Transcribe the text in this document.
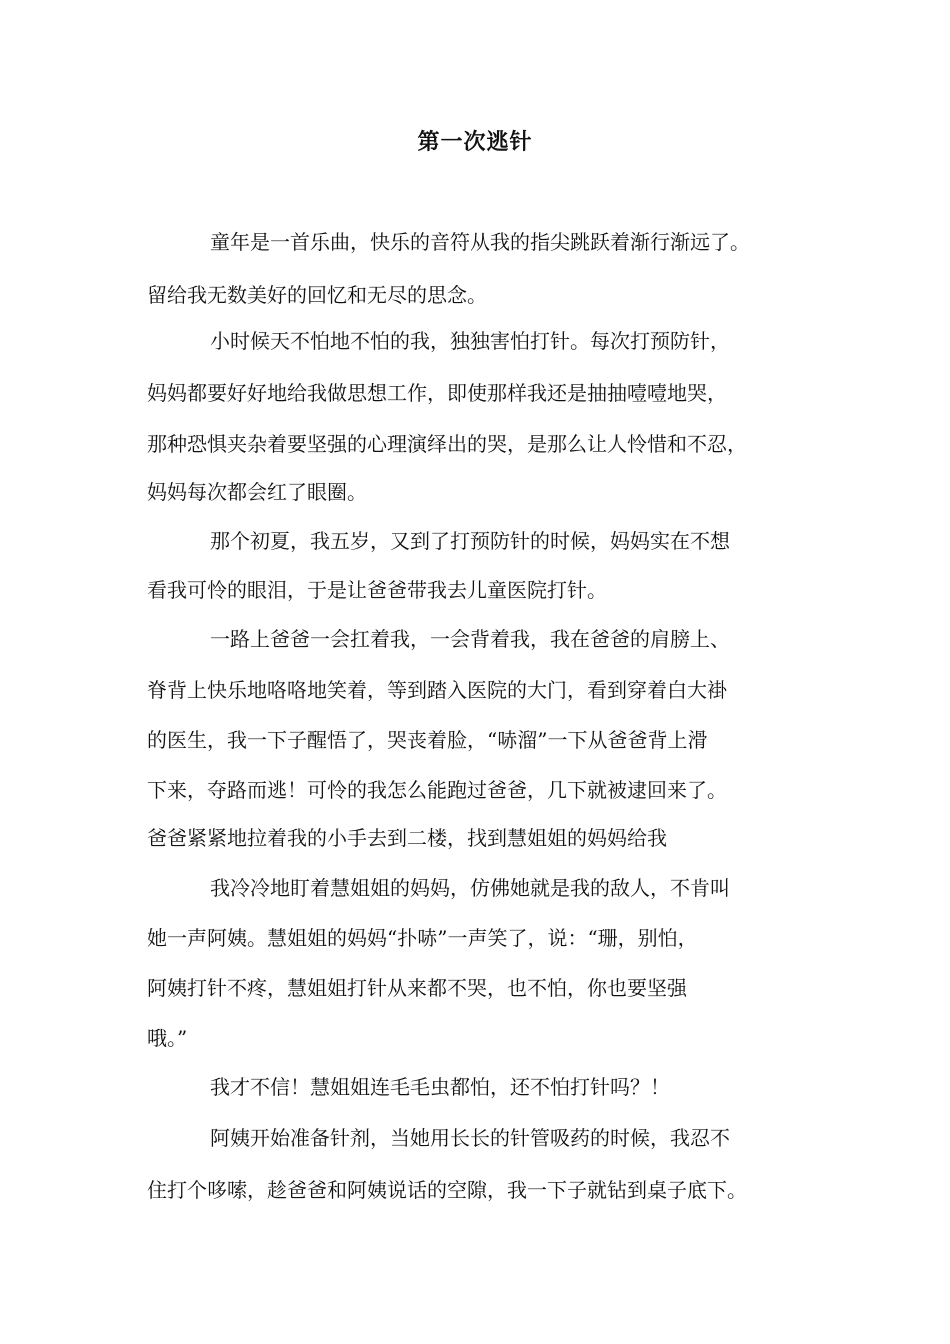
第一次逃针

童年是一首乐曲，快乐的音符从我的指尖跳跃着渐行渐远了。

留给我无数美好的回忆和无尽的思念。

小时候天不怕地不怕的我，独独害怕打针。每次打预防针，

妈妈都要好好地给我做思想工作，即使那样我还是抽抽噎噎地哭，

那种恐惧夹杂着要坚强的心理演绎出的哭，是那么让人怜惜和不忍，

妈妈每次都会红了眼圈。

那个初夏，我五岁，又到了打预防针的时候，妈妈实在不想

看我可怜的眼泪，于是让爸爸带我去儿童医院打针。

一路上爸爸一会扛着我，一会背着我，我在爸爸的肩膀上、

脊背上快乐地咯咯地笑着，等到踏入医院的大门，看到穿着白大褂

的医生，我一下子醒悟了，哭丧着脸，“哧溜”一下从爸爸背上滑

下来，夺路而逃！可怜的我怎么能跑过爸爸，几下就被逮回来了。

爸爸紧紧地拉着我的小手去到二楼，找到慧姐姐的妈妈给我

我冷冷地盯着慧姐姐的妈妈，仿佛她就是我的敌人，不肯叫

她一声阿姨。慧姐姐的妈妈“扑哧”一声笑了，说：“珊，别怕，

阿姨打针不疼，慧姐姐打针从来都不哭，也不怕，你也要坚强

哦。”

我才不信！慧姐姐连毛毛虫都怕，还不怕打针吗？！

阿姨开始准备针剂，当她用长长的针管吸药的时候，我忍不

住打个哆嗦，趁爸爸和阿姨说话的空隙，我一下子就钻到桌子底下。
